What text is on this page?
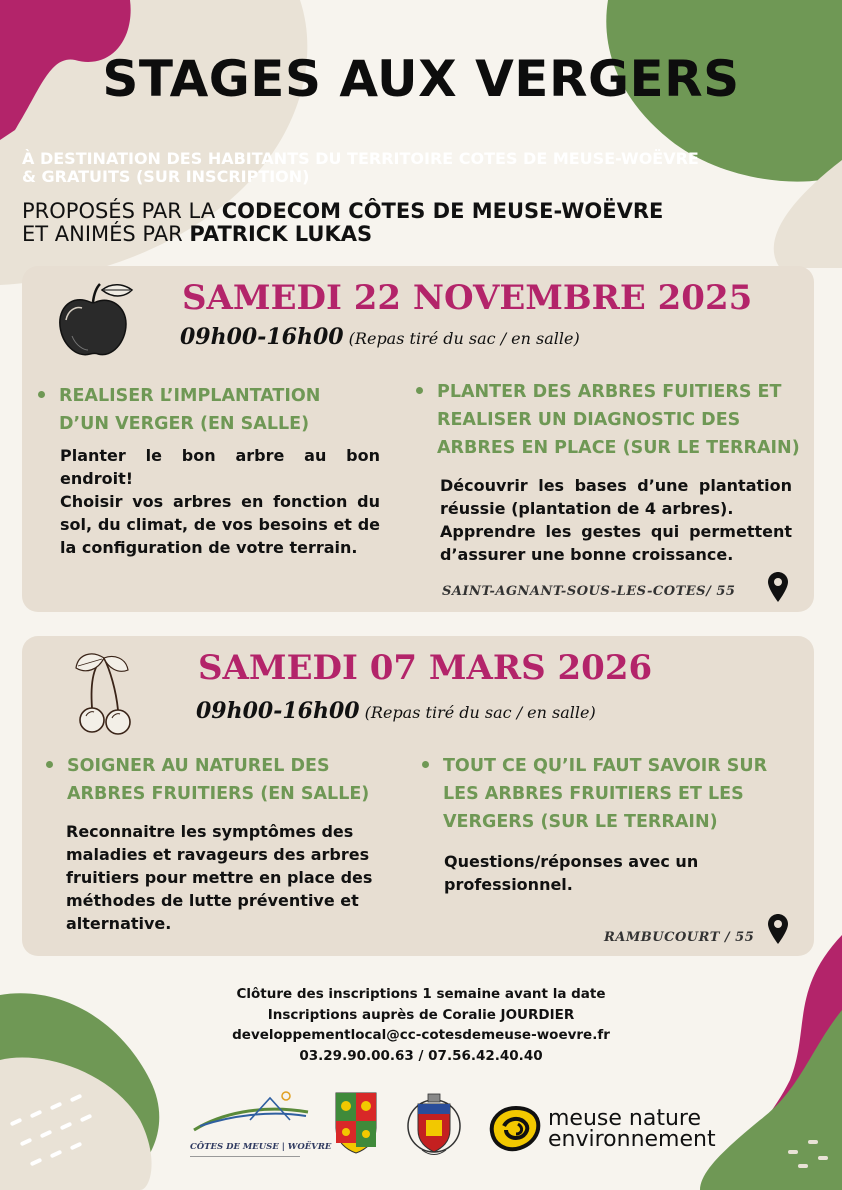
STAGES AUX VERGERS
À DESTINATION DES HABITANTS DU TERRITOIRE COTES DE MEUSE-WOËVRE
& GRATUITS (SUR INSCRIPTION)
PROPOSÉS PAR LA CODECOM CÔTES DE MEUSE-WOËVRE
ET ANIMÉS PAR PATRICK LUKAS
SAMEDI 22 NOVEMBRE 2025
09h00-16h00 (Repas tiré du sac / en salle)
REALISER L’IMPLANTATION D’UN VERGER (EN SALLE)
Planter le bon arbre au bon endroit!
Choisir vos arbres en fonction du sol, du climat, de vos besoins et de la configuration de votre terrain.
PLANTER DES ARBRES FUITIERS ET REALISER UN DIAGNOSTIC DES ARBRES EN PLACE (SUR LE TERRAIN)
Découvrir les bases d’une plantation réussie (plantation de 4 arbres).
Apprendre les gestes qui permettent d’assurer une bonne croissance.
SAINT-AGNANT-SOUS-LES-COTES/ 55
SAMEDI 07 MARS 2026
09h00-16h00 (Repas tiré du sac / en salle)
SOIGNER AU NATUREL DES ARBRES FRUITIERS (EN SALLE)
Reconnaitre les symptômes des maladies et ravageurs des arbres fruitiers pour mettre en place des méthodes de lutte préventive et alternative.
TOUT CE QU’IL FAUT SAVOIR SUR LES ARBRES FRUITIERS ET LES VERGERS (SUR LE TERRAIN)
Questions/réponses avec un professionnel.
RAMBUCOURT / 55
Clôture des inscriptions 1 semaine avant la date
Inscriptions auprès de Coralie JOURDIER
developpementlocal@cc-cotesdemeuse-woevre.fr
03.29.90.00.63 / 07.56.42.40.40
CÔTES DE MEUSE | WOËVRE
meuse nature
environnement
